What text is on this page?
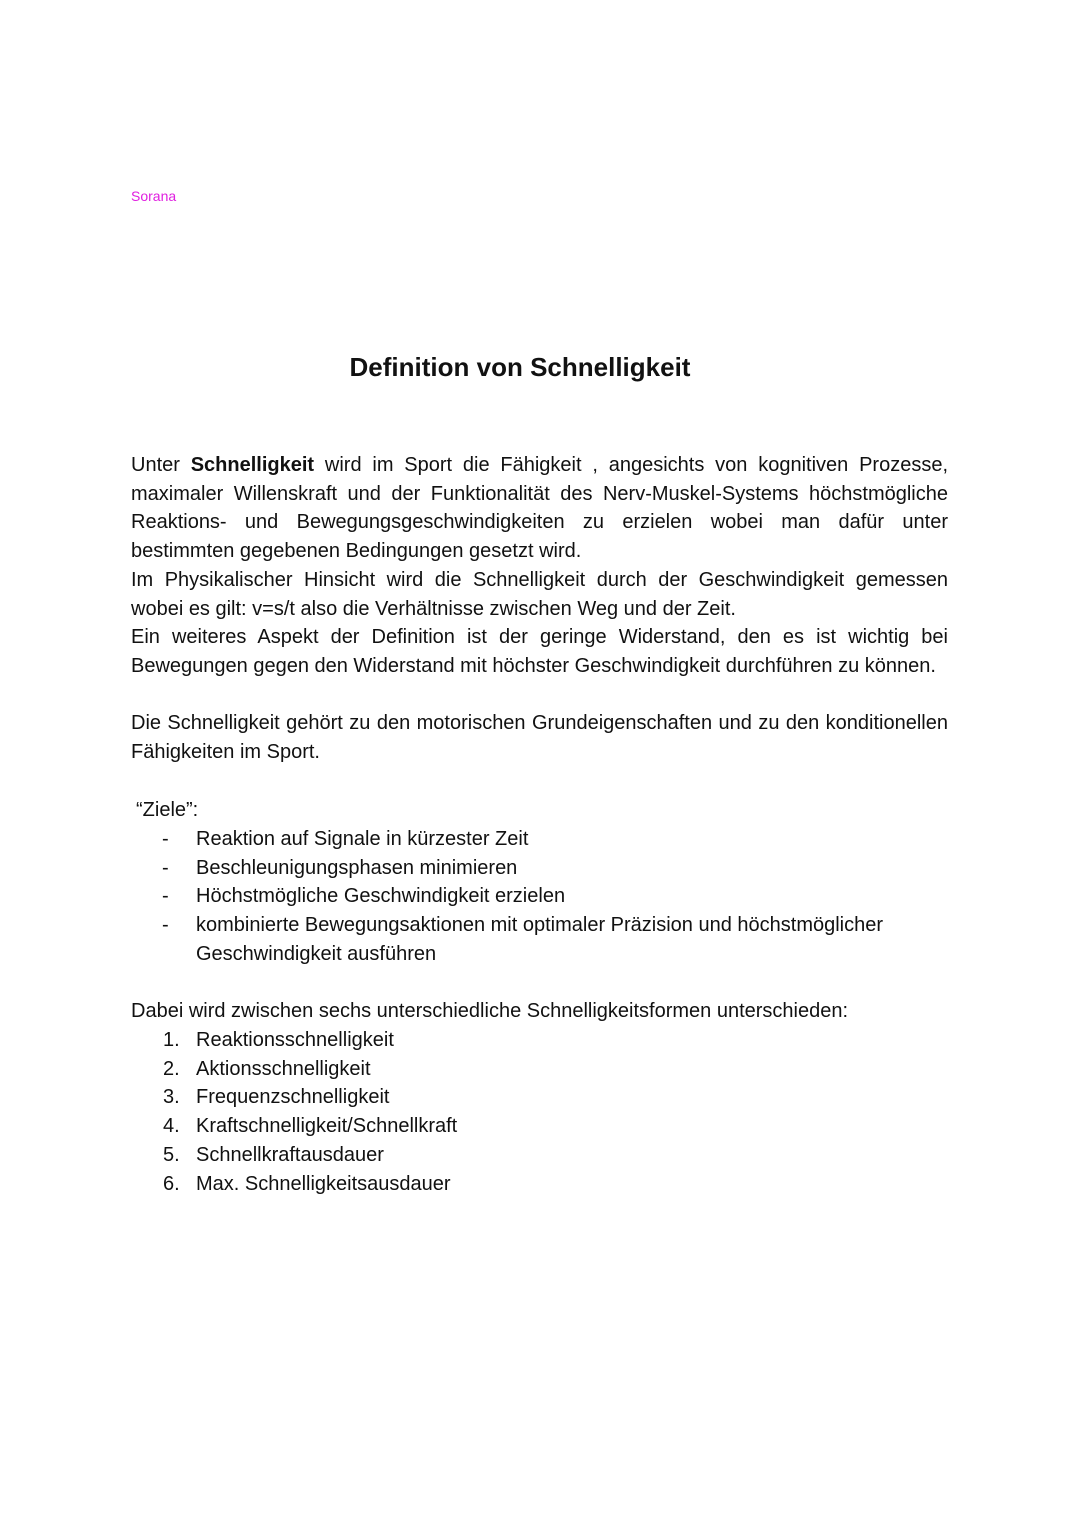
Sorana
Definition von Schnelligkeit

Unter Schnelligkeit wird im Sport die Fähigkeit , angesichts von kognitiven Prozesse, maximaler Willenskraft und der Funktionalität des Nerv-Muskel-Systems höchstmögliche Reaktions- und Bewegungsgeschwindigkeiten zu erzielen wobei man dafür unter bestimmten gegebenen Bedingungen gesetzt wird.

Im Physikalischer Hinsicht wird die Schnelligkeit durch der Geschwindigkeit gemessen wobei es gilt: v=s/t also die Verhältnisse zwischen Weg und der Zeit.

Ein weiteres Aspekt der Definition ist der geringe Widerstand, den es ist wichtig bei Bewegungen gegen den Widerstand mit höchster Geschwindigkeit durchführen zu können.

Die Schnelligkeit gehört zu den motorischen Grundeigenschaften und zu den konditionellen Fähigkeiten im Sport.

“Ziele”:
- Reaktion auf Signale in kürzester Zeit
- Beschleunigungsphasen minimieren
- Höchstmögliche Geschwindigkeit erzielen
- kombinierte Bewegungsaktionen mit optimaler Präzision und höchstmöglicher Geschwindigkeit ausführen

Dabei wird zwischen sechs unterschiedliche Schnelligkeitsformen unterschieden:

1. Reaktionsschnelligkeit
2. Aktionsschnelligkeit
3. Frequenzschnelligkeit
4. Kraftschnelligkeit/Schnellkraft
5. Schnellkraftausdauer
6. Max. Schnelligkeitsausdauer
